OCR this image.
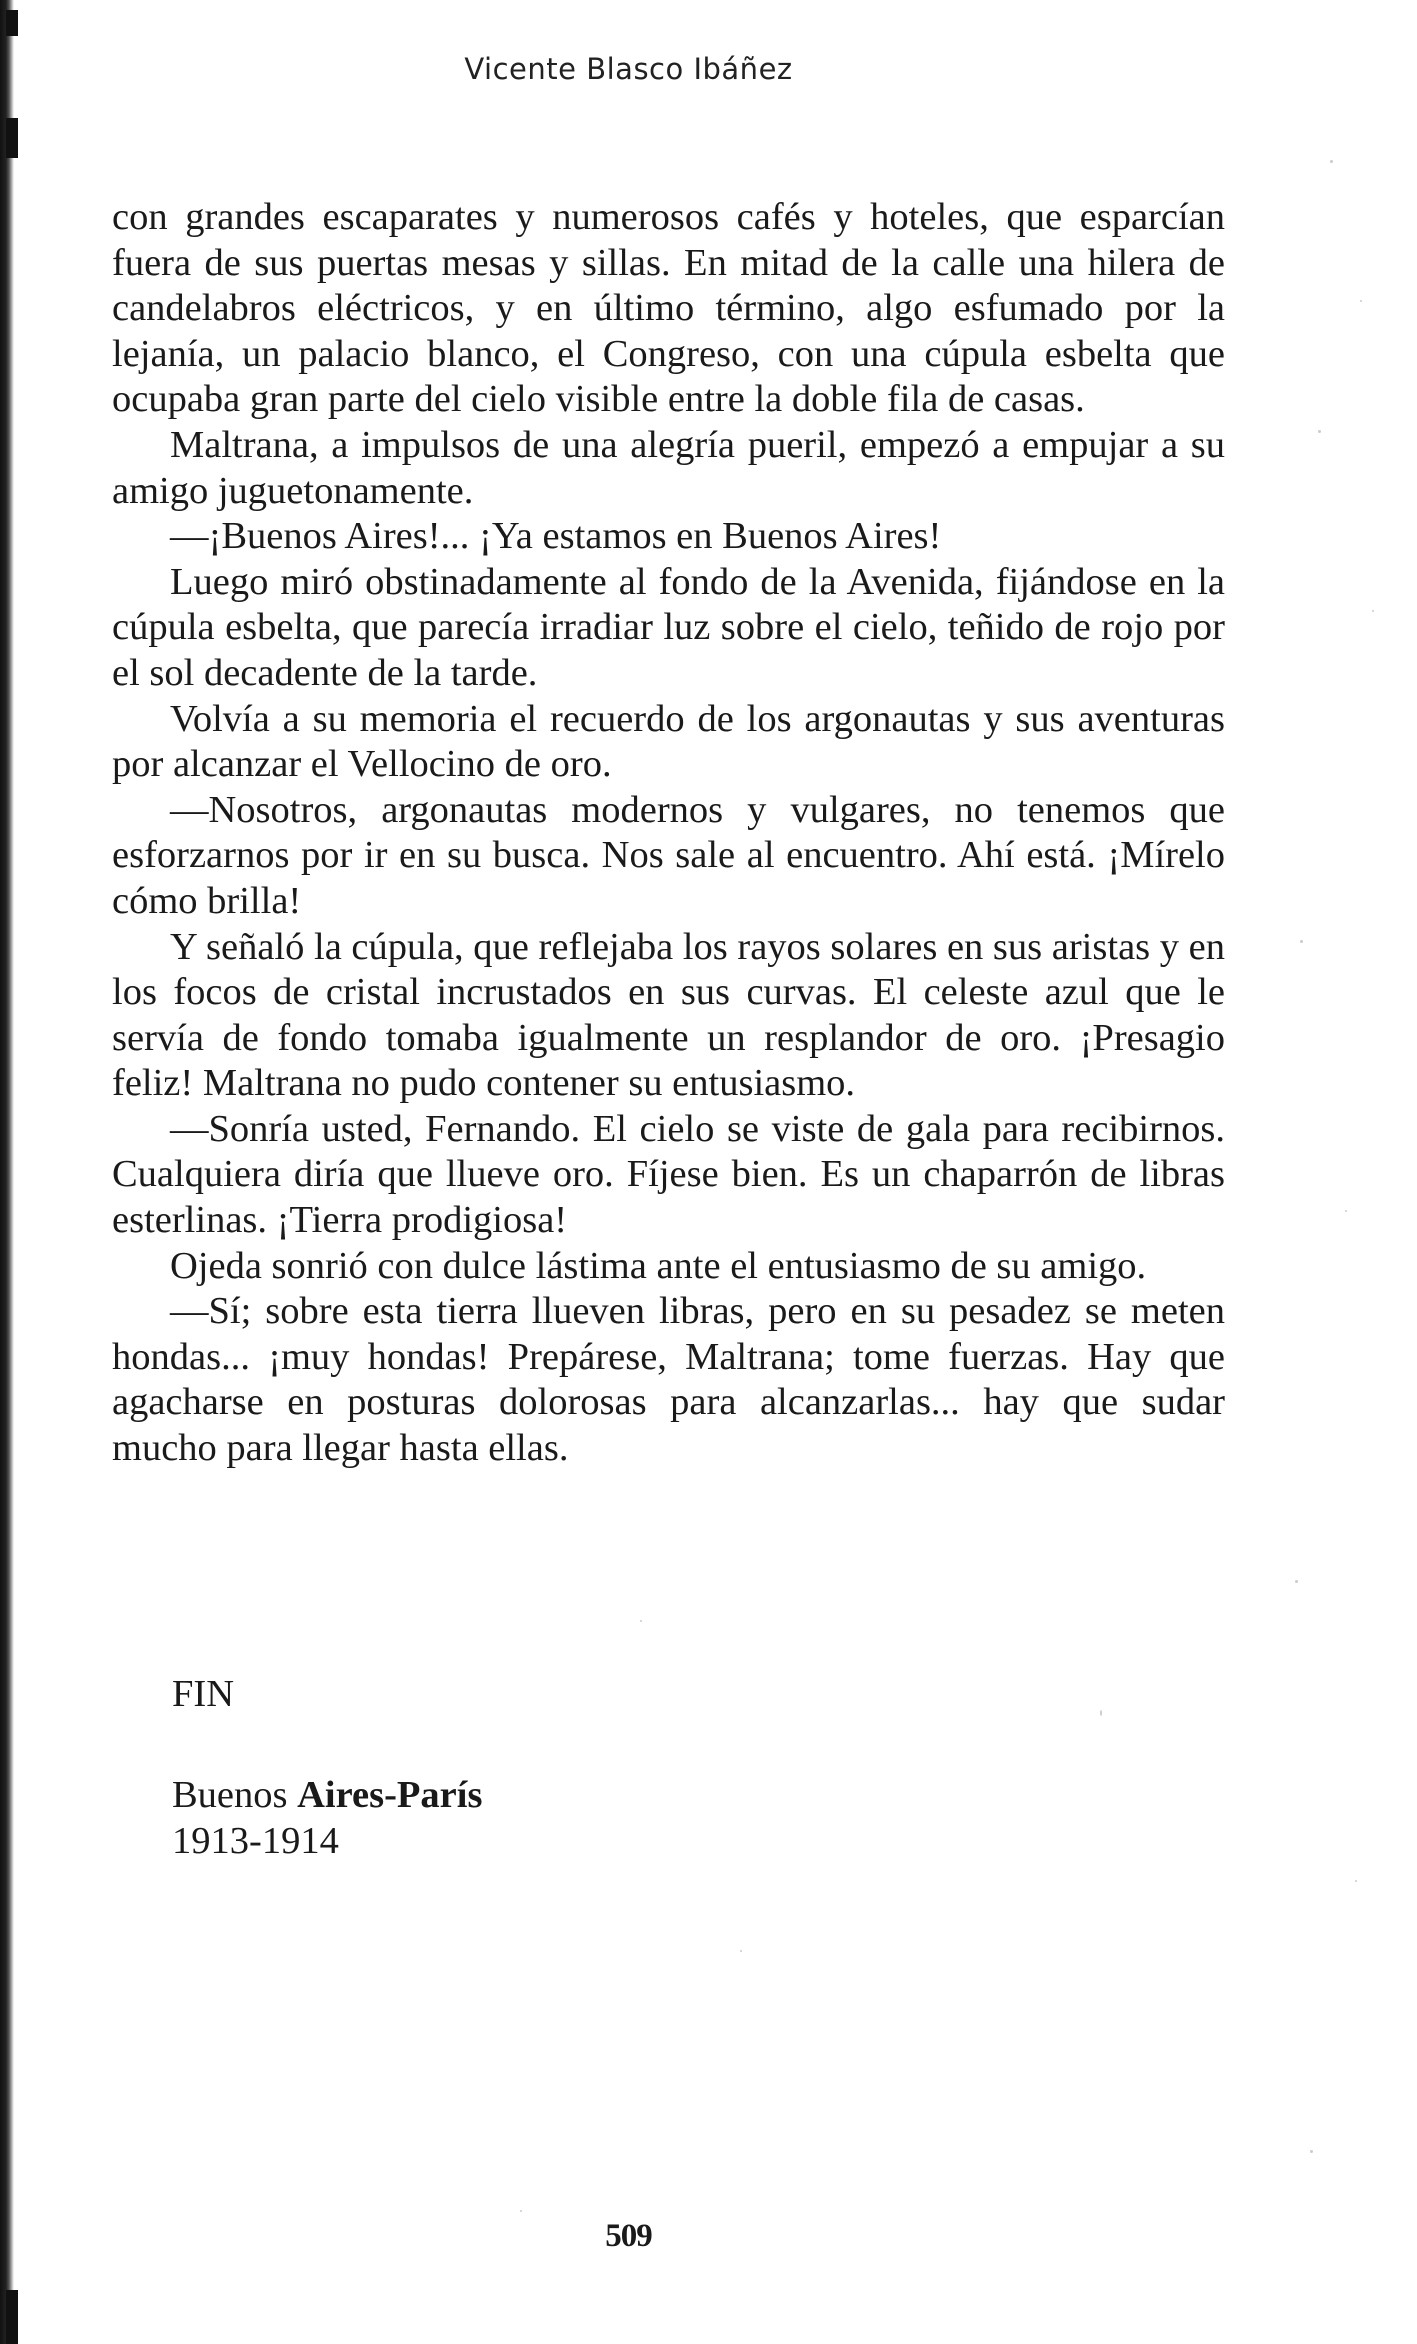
Vicente Blasco Ibáñez

con grandes escaparates y numerosos cafés y hoteles, que esparcían fuera de sus puertas mesas y sillas. En mitad de la calle una hilera de candelabros eléctricos, y en último término, algo esfumado por la lejanía, un palacio blanco, el Congreso, con una cúpula esbelta que ocupaba gran parte del cielo visible entre la doble fila de casas.

Maltrana, a impulsos de una alegría pueril, empezó a empujar a su amigo juguetonamente.

—¡Buenos Aires!... ¡Ya estamos en Buenos Aires!

Luego miró obstinadamente al fondo de la Avenida, fijándose en la cúpula esbelta, que parecía irradiar luz sobre el cielo, teñido de rojo por el sol decadente de la tarde.

Volvía a su memoria el recuerdo de los argonautas y sus aventuras por alcanzar el Vellocino de oro.

—Nosotros, argonautas modernos y vulgares, no tenemos que esforzarnos por ir en su busca. Nos sale al encuentro. Ahí está. ¡Mírelo cómo brilla!

Y señaló la cúpula, que reflejaba los rayos solares en sus aristas y en los focos de cristal incrustados en sus curvas. El celeste azul que le servía de fondo tomaba igualmente un resplandor de oro. ¡Presagio feliz! Maltrana no pudo contener su entusiasmo.

—Sonría usted, Fernando. El cielo se viste de gala para recibirnos. Cualquiera diría que llueve oro. Fíjese bien. Es un chaparrón de libras esterlinas. ¡Tierra prodigiosa!

Ojeda sonrió con dulce lástima ante el entusiasmo de su amigo.

—Sí; sobre esta tierra llueven libras, pero en su pesadez se meten hondas... ¡muy hondas! Prepárese, Maltrana; tome fuerzas. Hay que agacharse en posturas dolorosas para alcanzarlas... hay que sudar mucho para llegar hasta ellas.

FIN
Buenos Aires-París
1913-1914
509
